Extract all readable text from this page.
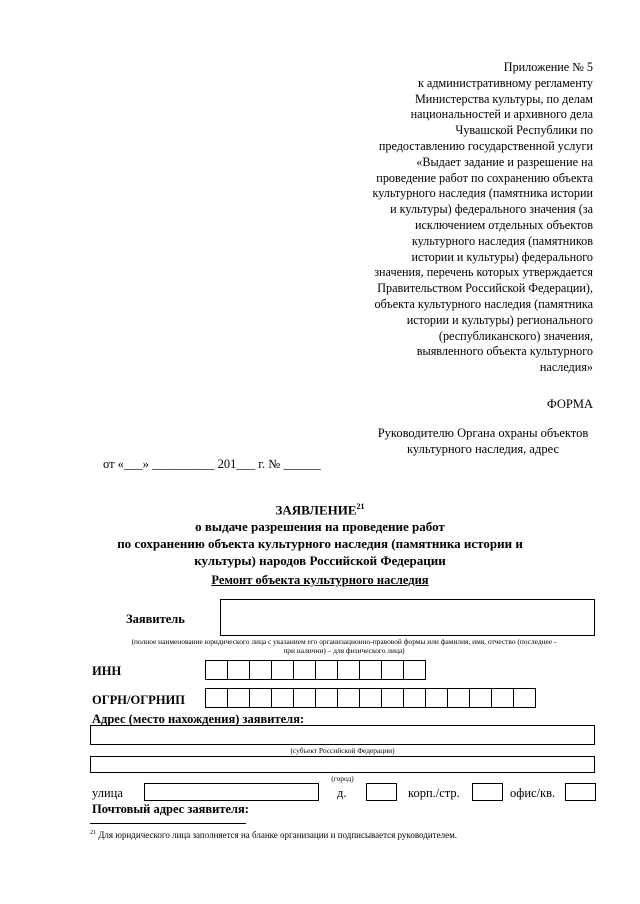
Приложение № 5
к административному регламенту
Министерства культуры, по делам
национальностей и архивного дела
Чувашской Республики по
предоставлению государственной услуги
«Выдает задание и разрешение на
проведение работ по сохранению объекта
культурного наследия (памятника истории
и культуры) федерального значения (за
исключением отдельных объектов
культурного наследия (памятников
истории и культуры) федерального
значения, перечень которых утверждается
Правительством Российской Федерации),
объекта культурного наследия (памятника
истории и культуры) регионального
(республиканского) значения,
выявленного объекта культурного
наследия»
ФОРМА
Руководителю Органа охраны объектов
культурного наследия, адрес
от «___» __________ 201___ г. № ______
ЗАЯВЛЕНИЕ$^{21}$
о выдаче разрешения на проведение работ
по сохранению объекта культурного наследия (памятника истории и
культуры) народов Российской Федерации
Ремонт объекта культурного наследия
Заявитель
(полное наименование юридического лица с указанием его организационно-правовой формы или фамилия, имя, отчество (последнее -
при наличии) – для физического лица)
ИНН
ОГРН/ОГРНИП
Адрес (место нахождения) заявителя:
(субъект Российской Федерации)
(город)
улица	д.	корп./стр.	офис/кв.
Почтовый адрес заявителя:
$^{21}$ Для юридического лица заполняется на бланке организации и подписывается руководителем.
